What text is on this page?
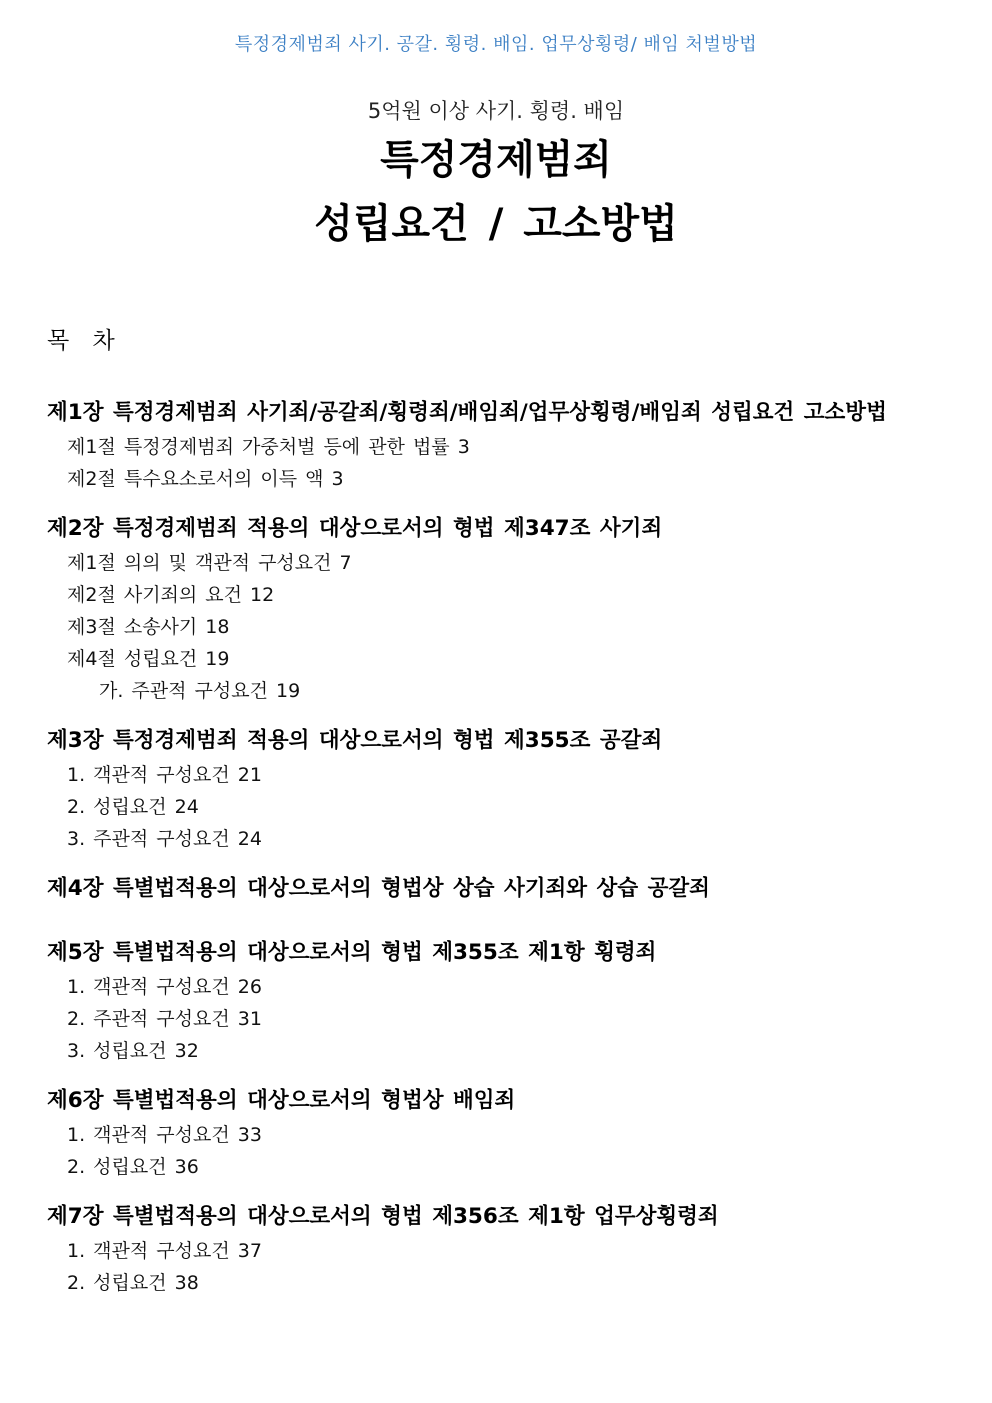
특정경제범죄 사기. 공갈. 횡령. 배임. 업무상횡령/ 배임 처벌방법
5억원 이상 사기. 횡령. 배임
특정경제범죄
성립요건 / 고소방법
목 차
제1장 특정경제범죄 사기죄/공갈죄/횡령죄/배임죄/업무상횡령/배임죄 성립요건 고소방법
제1절 특정경제범죄 가중처벌 등에 관한 법률 3
제2절 특수요소로서의 이득 액 3
제2장 특정경제범죄 적용의 대상으로서의 형법 제347조 사기죄
제1절 의의 및 객관적 구성요건 7
제2절 사기죄의 요건 12
제3절 소송사기 18
제4절 성립요건 19
가. 주관적 구성요건 19
제3장 특정경제범죄 적용의 대상으로서의 형법 제355조 공갈죄
1. 객관적 구성요건 21
2. 성립요건 24
3. 주관적 구성요건 24
제4장 특별법적용의 대상으로서의 형법상 상습 사기죄와 상습 공갈죄
제5장 특별법적용의 대상으로서의 형법 제355조 제1항 횡령죄
1. 객관적 구성요건 26
2. 주관적 구성요건 31
3. 성립요건 32
제6장 특별법적용의 대상으로서의 형법상 배임죄
1. 객관적 구성요건 33
2. 성립요건 36
제7장 특별법적용의 대상으로서의 형법 제356조 제1항 업무상횡령죄
1. 객관적 구성요건 37
2. 성립요건 38
